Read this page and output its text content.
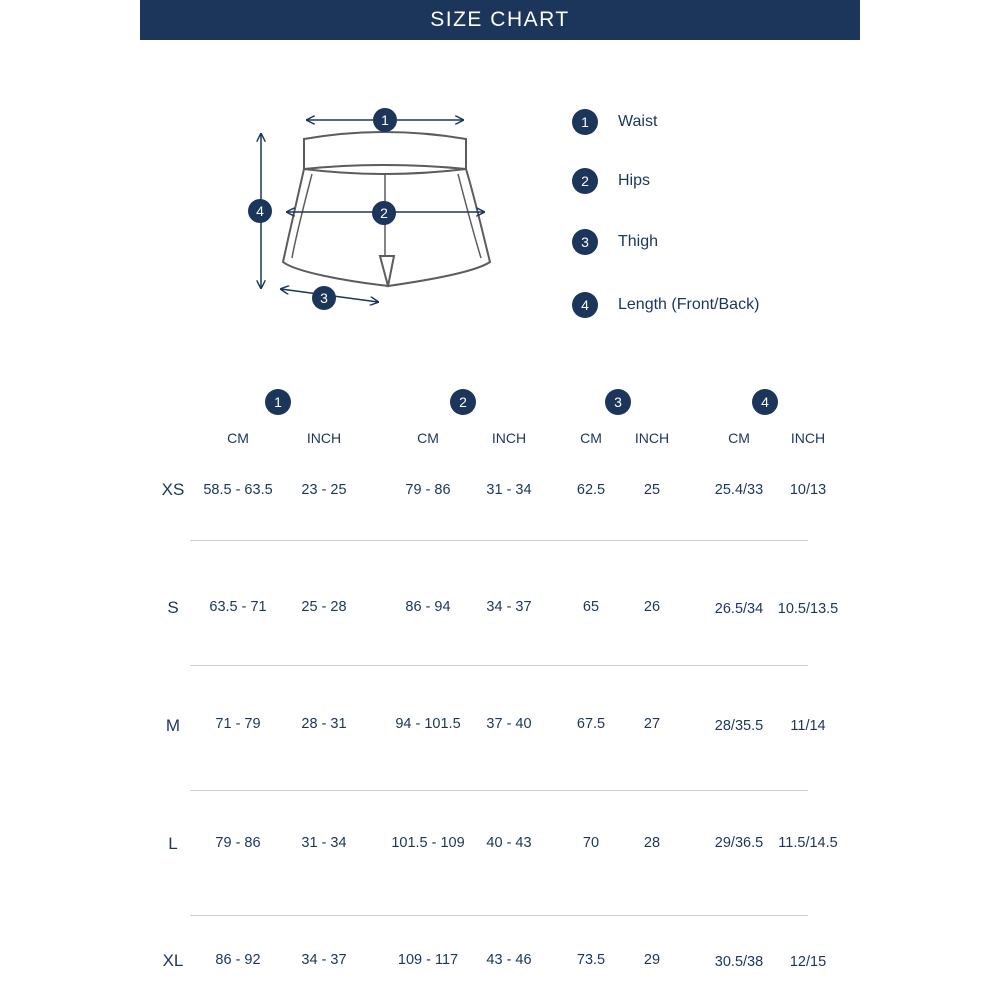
SIZE CHART
1
2
3
4
1	Waist
2	Hips
3	Thigh
4	Length (Front/Back)
1	2	3	4
CM	INCH	CM	INCH	CM	INCH	CM	INCH
XS	58.5 - 63.5	23 - 25	79 - 86	31 - 34	62.5	25	25.4/33	10/13
S	63.5 - 71	25 - 28	86 - 94	34 - 37	65	26	26.5/34	10.5/13.5
M	71 - 79	28 - 31	94 - 101.5	37 - 40	67.5	27	28/35.5	11/14
L	79 - 86	31 - 34	101.5 - 109	40 - 43	70	28	29/36.5	11.5/14.5
XL	86 - 92	34 - 37	109 - 117	43 - 46	73.5	29	30.5/38	12/15
